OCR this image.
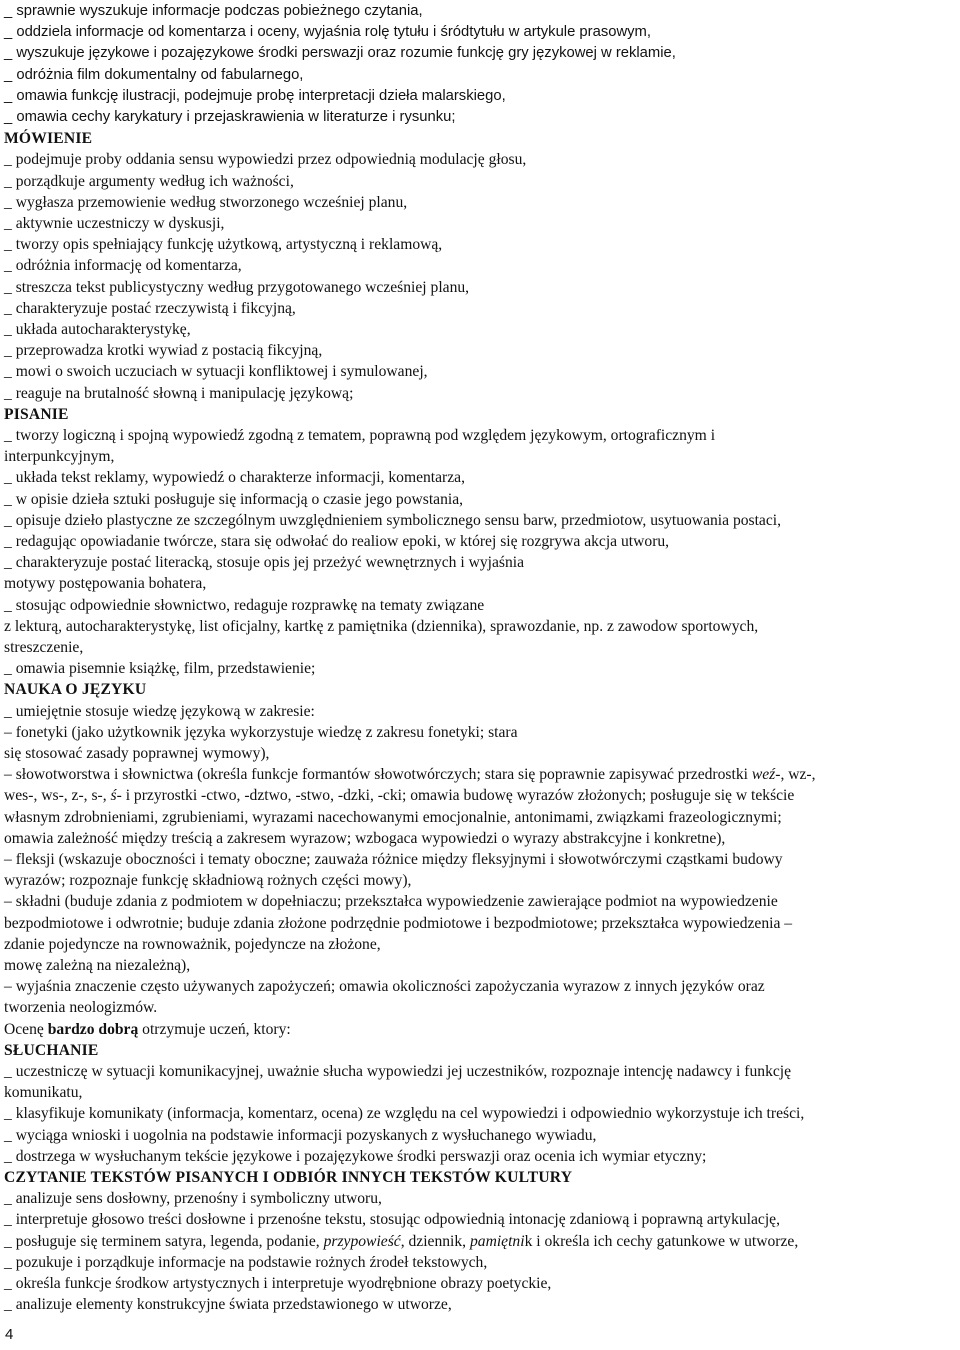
_ sprawnie wyszukuje informacje podczas pobieżnego czytania,
_ oddziela informacje od komentarza i oceny, wyjaśnia rolę tytułu i śródtytułu w artykule prasowym,
_ wyszukuje językowe i pozajęzykowe środki perswazji oraz rozumie funkcję gry językowej w reklamie,
_ odróżnia film dokumentalny od fabularnego,
_ omawia funkcję ilustracji, podejmuje probę interpretacji dzieła malarskiego,
_ omawia cechy karykatury i przejaskrawienia w literaturze i rysunku;
MÓWIENIE
_ podejmuje proby oddania sensu wypowiedzi przez odpowiednią modulację głosu,
_ porządkuje argumenty według ich ważności,
_ wygłasza przemowienie według stworzonego wcześniej planu,
_ aktywnie uczestniczy w dyskusji,
_ tworzy opis spełniający funkcję użytkową, artystyczną i reklamową,
_ odróżnia informację od komentarza,
_ streszcza tekst publicystyczny według przygotowanego wcześniej planu,
_ charakteryzuje postać rzeczywistą i fikcyjną,
_ układa autocharakterystykę,
_ przeprowadza krotki wywiad z postacią fikcyjną,
_ mowi o swoich uczuciach w sytuacji konfliktowej i symulowanej,
_ reaguje na brutalność słowną i manipulację językową;
PISANIE
_ tworzy logiczną i spojną wypowiedź zgodną z tematem, poprawną pod względem językowym, ortograficznym i
interpunkcyjnym,
_ układa tekst reklamy, wypowiedź o charakterze informacji, komentarza,
_ w opisie dzieła sztuki posługuje się informacją o czasie jego powstania,
_ opisuje dzieło plastyczne ze szczególnym uwzględnieniem symbolicznego sensu barw, przedmiotow, usytuowania postaci,
_ redagując opowiadanie twórcze, stara się odwołać do realiow epoki, w której się rozgrywa akcja utworu,
_ charakteryzuje postać literacką, stosuje opis jej przeżyć wewnętrznych i wyjaśnia
motywy postępowania bohatera,
_ stosując odpowiednie słownictwo, redaguje rozprawkę na tematy związane
z lekturą, autocharakterystykę, list oficjalny, kartkę z pamiętnika (dziennika), sprawozdanie, np. z zawodow sportowych,
streszczenie,
_ omawia pisemnie książkę, film, przedstawienie;
NAUKA O JĘZYKU
_ umiejętnie stosuje wiedzę językową w zakresie:
– fonetyki (jako użytkownik języka wykorzystuje wiedzę z zakresu fonetyki; stara
się stosować zasady poprawnej wymowy),
– słowotworstwa i słownictwa (określa funkcje formantów słowotwórczych; stara się poprawnie zapisywać przedrostki weź-, wz-,
wes-, ws-, z-, s-, ś- i przyrostki -ctwo, -dztwo, -stwo, -dzki, -cki; omawia budowę wyrazów złożonych; posługuje się w tekście
własnym zdrobnieniami, zgrubieniami, wyrazami nacechowanymi emocjonalnie, antonimami, związkami frazeologicznymi;
omawia zależność między treścią a zakresem wyrazow; wzbogaca wypowiedzi o wyrazy abstrakcyjne i konkretne),
– fleksji (wskazuje oboczności i tematy oboczne; zauważa różnice między fleksyjnymi i słowotwórczymi cząstkami budowy
wyrazów; rozpoznaje funkcję składniową rożnych części mowy),
– składni (buduje zdania z podmiotem w dopełniaczu; przekształca wypowiedzenie zawierające podmiot na wypowiedzenie
bezpodmiotowe i odwrotnie; buduje zdania złożone podrzędnie podmiotowe i bezpodmiotowe; przekształca wypowiedzenia –
zdanie pojedyncze na rownoważnik, pojedyncze na złożone,
mowę zależną na niezależną),
– wyjaśnia znaczenie często używanych zapożyczeń; omawia okoliczności zapożyczania wyrazow z innych języków oraz
tworzenia neologizmów.
Ocenę bardzo dobrą otrzymuje uczeń, ktory:
SŁUCHANIE
_ uczestniczę w sytuacji komunikacyjnej, uważnie słucha wypowiedzi jej uczestników, rozpoznaje intencję nadawcy i funkcję
komunikatu,
_ klasyfikuje komunikaty (informacja, komentarz, ocena) ze względu na cel wypowiedzi i odpowiednio wykorzystuje ich treści,
_ wyciąga wnioski i uogolnia na podstawie informacji pozyskanych z wysłuchanego wywiadu,
_ dostrzega w wysłuchanym tekście językowe i pozajęzykowe środki perswazji oraz ocenia ich wymiar etyczny;
CZYTANIE TEKSTÓW PISANYCH I ODBIÓR INNYCH TEKSTÓW KULTURY
_ analizuje sens dosłowny, przenośny i symboliczny utworu,
_ interpretuje głosowo treści dosłowne i przenośne tekstu, stosując odpowiednią intonację zdaniową i poprawną artykulację,
_ posługuje się terminem satyra, legenda, podanie, przypowieść, dziennik, pamiętnik i określa ich cechy gatunkowe w utworze,
_ pozukuje i porządkuje informacje na podstawie rożnych źrodeł tekstowych,
_ określa funkcje środkow artystycznych i interpretuje wyodrębnione obrazy poetyckie,
_ analizuje elementy konstrukcyjne świata przedstawionego w utworze,
4
